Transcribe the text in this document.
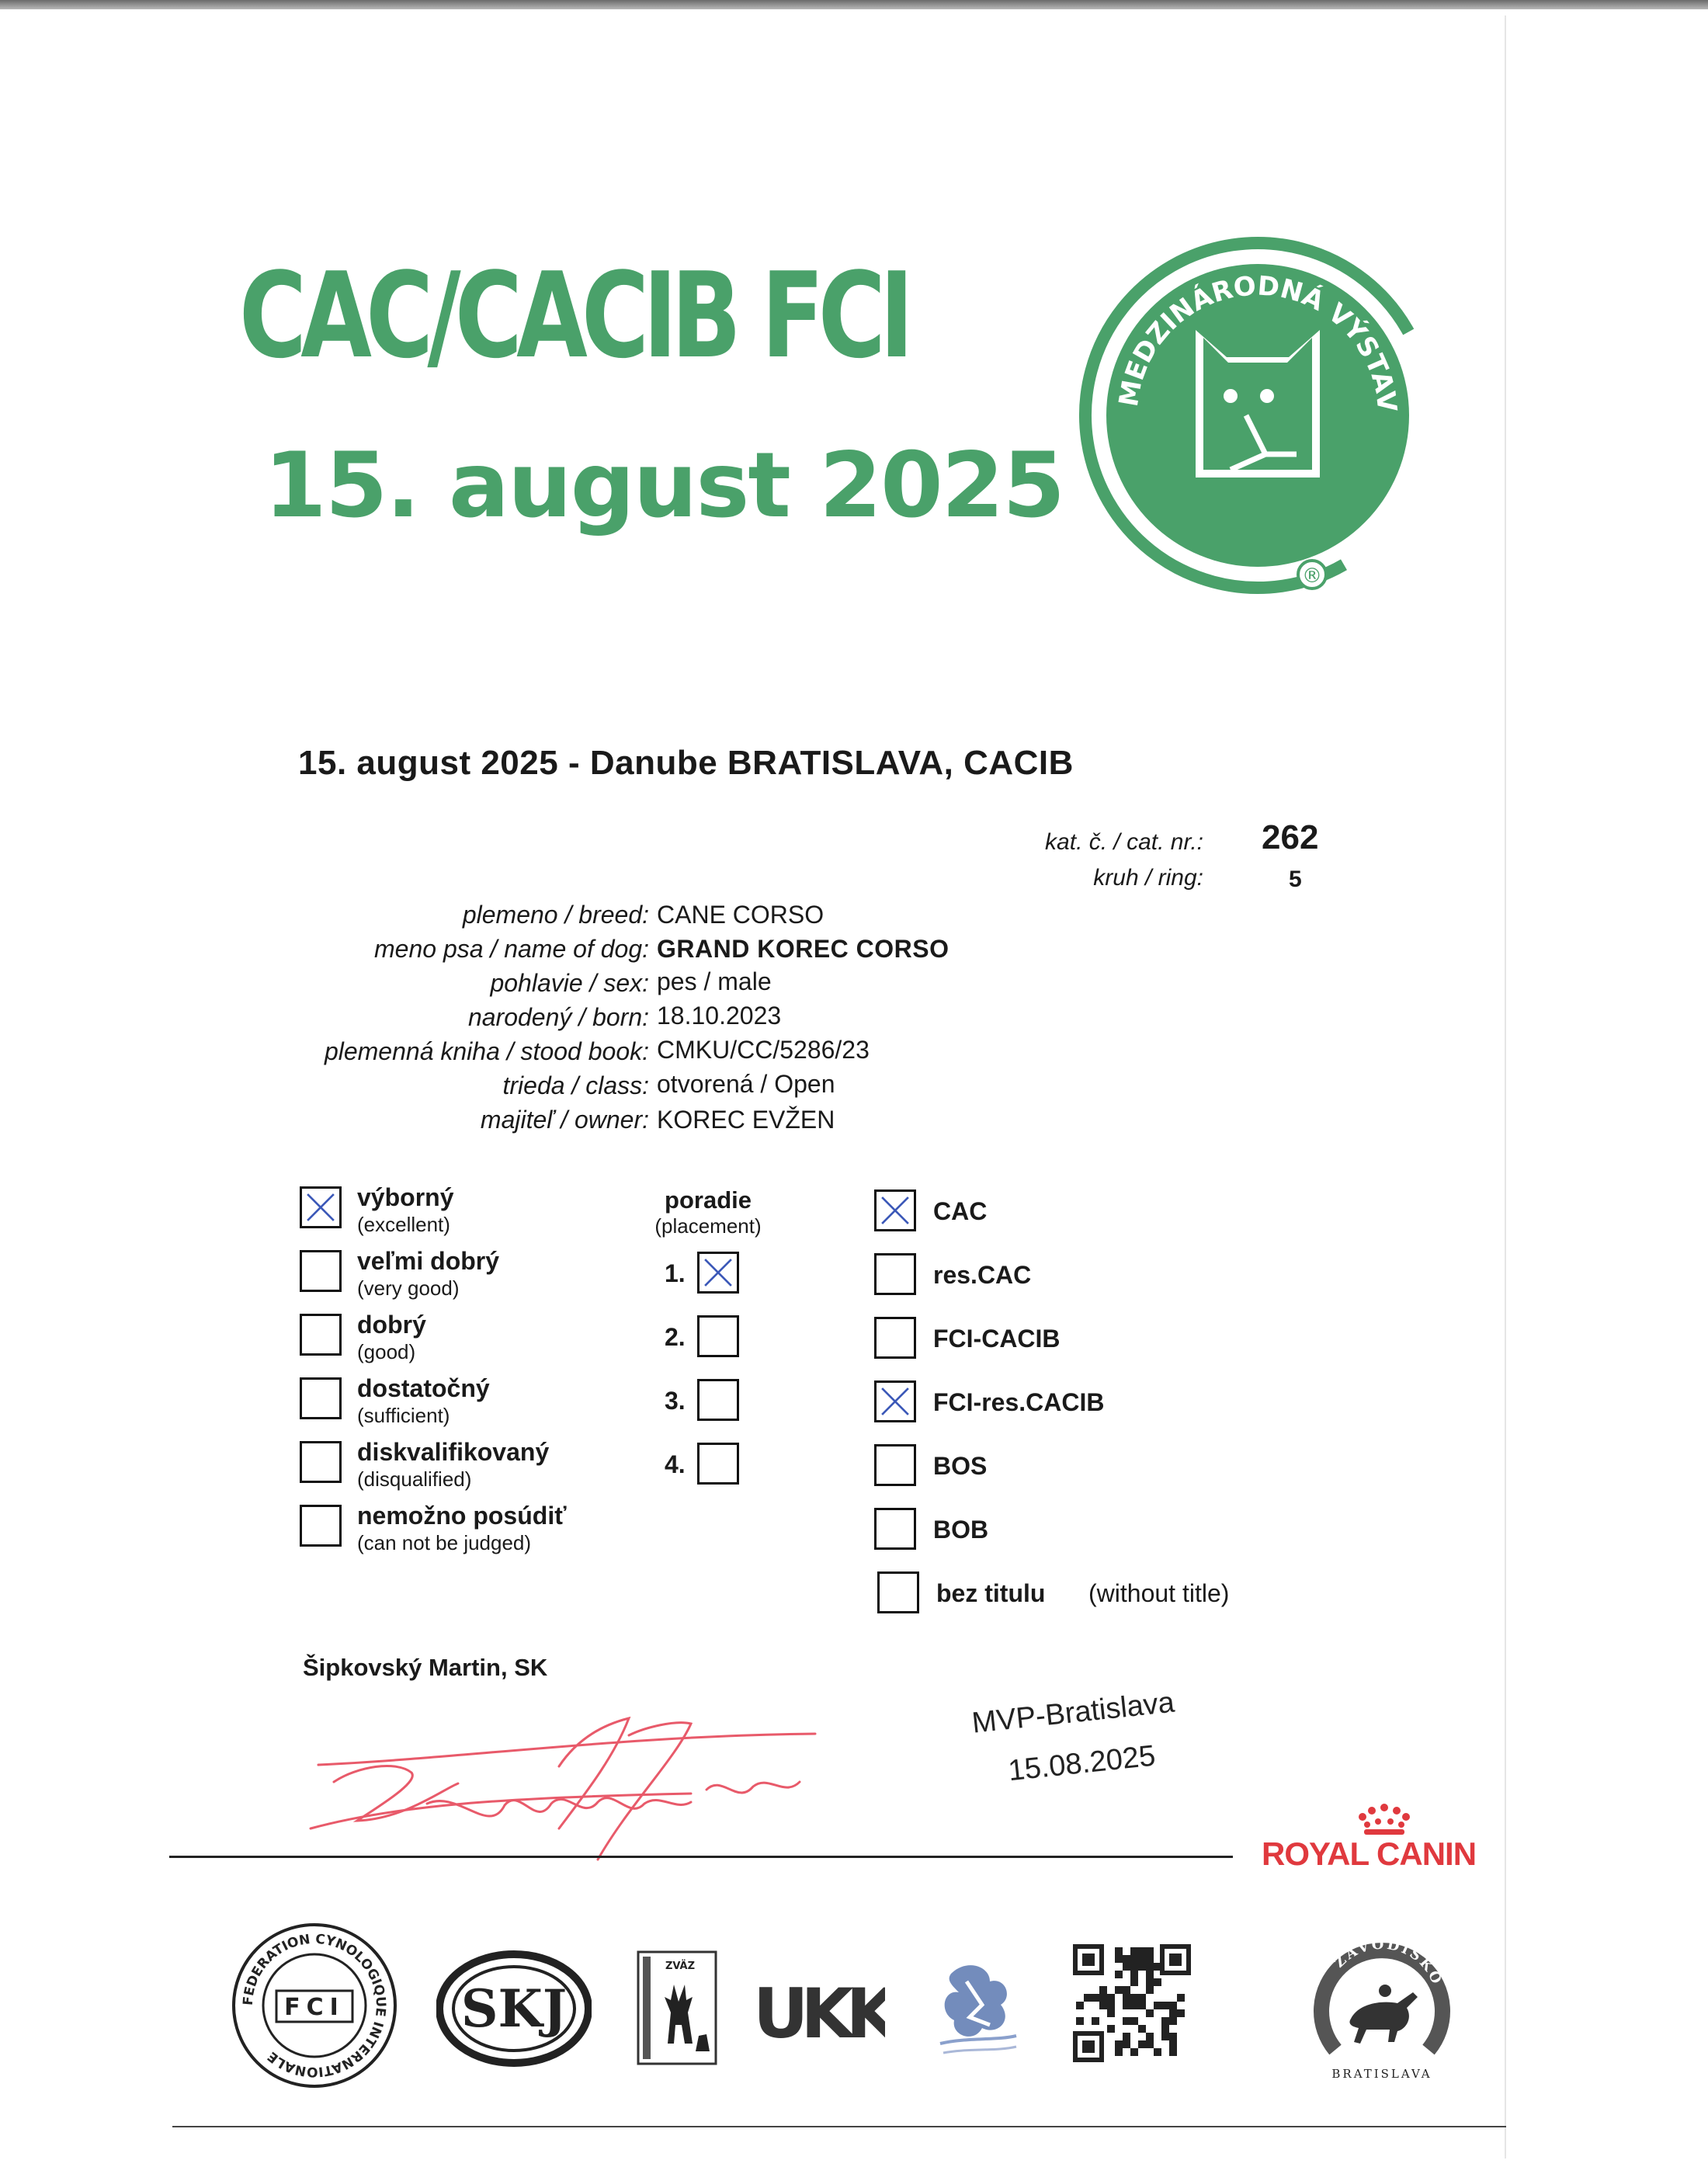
CAC/CACIB FCI
15. august 2025
MEDZINÁRODNÁ VÝSTAV
®
15. august 2025 - Danube BRATISLAVA, CACIB
kat. č. / cat. nr.: 262
kruh / ring:	5
plemeno / breed: CANE CORSO
meno psa / name of dog: GRAND KOREC CORSO
pohlavie / sex: pes / male
narodený / born: 18.10.2023
plemenná kniha / stood book: CMKU/CC/5286/23
trieda / class: otvorená / Open
majiteľ / owner: KOREC EVŽEN
výborný
(excellent)
veľmi dobrý
(very good)
dobrý
(good)
dostatočný
(sufficient)
diskvalifikovaný
(disqualified)
nemožno posúdiť
(can not be judged)
poradie
(placement)
1.
2.
3.
4.
CAC
res.CAC
FCI-CACIB
FCI-res.CACIB
BOS
BOB
bez titulu (without title)
Šipkovský Martin, SK
MVP-Bratislava
15.08.2025
ROYAL CANIN
FEDERATION CYNOLOGIQUE INTERNATIONALE
FCI SKJ
ZVÄZ
UKK
ZÁVODISKO
BRATISLAVA
